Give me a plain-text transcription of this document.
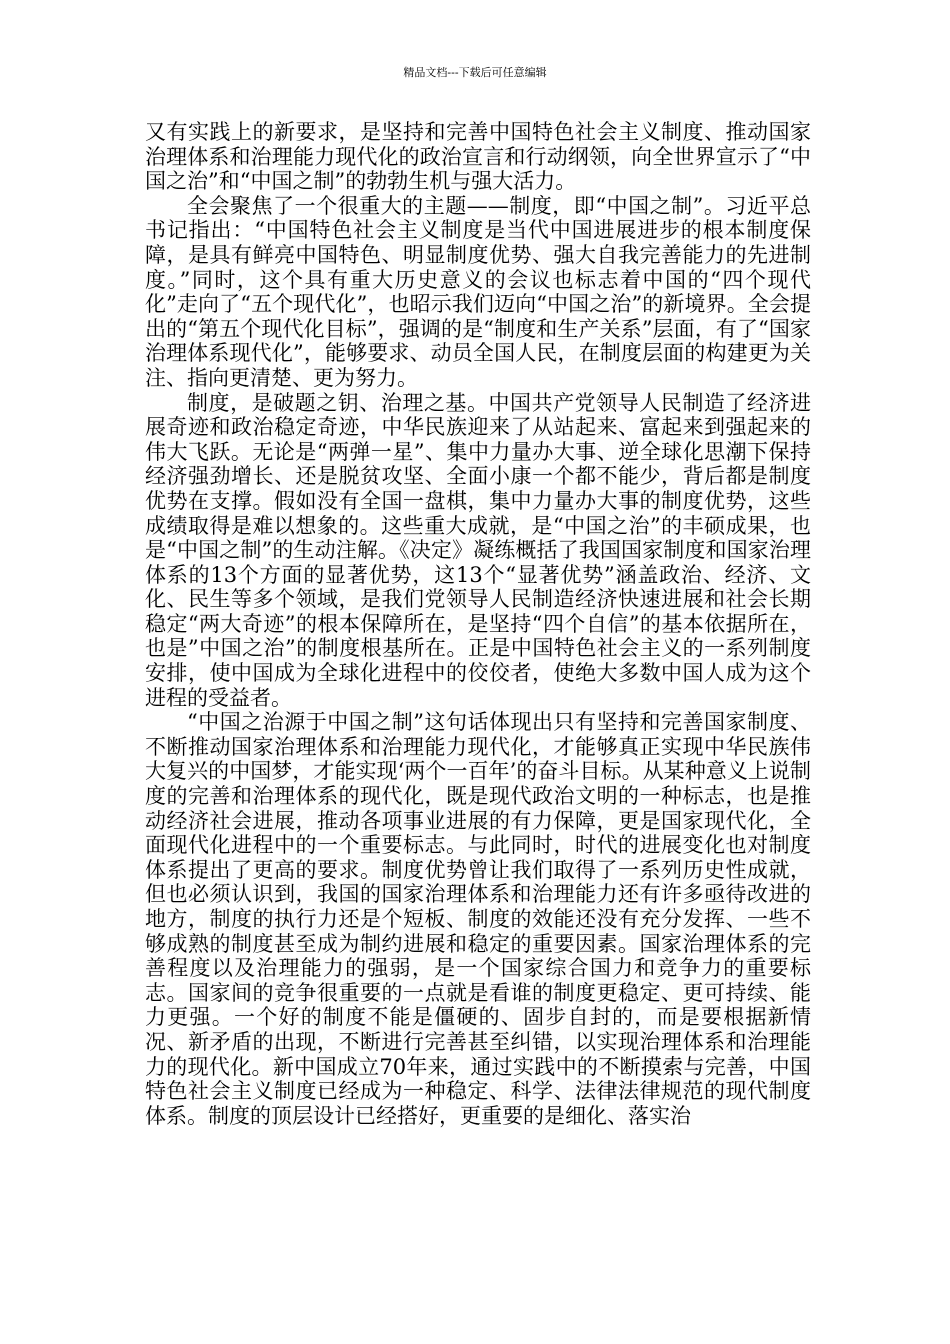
精品文档---下载后可任意编辑

又有实践上的新要求，是坚持和完善中国特色社会主义制度、推动国家治理体系和治理能力现代化的政治宣言和行动纲领，向全世界宣示了“中国之治”和“中国之制”的勃勃生机与强大活力。

全会聚焦了一个很重大的主题——制度，即“中国之制”。习近平总书记指出：“中国特色社会主义制度是当代中国进展进步的根本制度保障，是具有鲜亮中国特色、明显制度优势、强大自我完善能力的先进制度。”同时，这个具有重大历史意义的会议也标志着中国的“四个现代化”走向了“五个现代化”，也昭示我们迈向“中国之治”的新境界。全会提出的“第五个现代化目标”，强调的是“制度和生产关系”层面，有了“国家治理体系现代化”，能够要求、动员全国人民，在制度层面的构建更为关注、指向更清楚、更为努力。

制度，是破题之钥、治理之基。中国共产党领导人民制造了经济进展奇迹和政治稳定奇迹，中华民族迎来了从站起来、富起来到强起来的伟大飞跃。无论是“两弹一星”、集中力量办大事、逆全球化思潮下保持经济强劲增长、还是脱贫攻坚、全面小康一个都不能少，背后都是制度优势在支撑。假如没有全国一盘棋，集中力量办大事的制度优势，这些成绩取得是难以想象的。这些重大成就，是“中国之治”的丰硕成果，也是“中国之制”的生动注解。《决定》凝练概括了我国国家制度和国家治理体系的13个方面的显著优势，这13个“显著优势”涵盖政治、经济、文化、民生等多个领域，是我们党领导人民制造经济快速进展和社会长期稳定“两大奇迹”的根本保障所在，是坚持“四个自信”的基本依据所在，也是”中国之治”的制度根基所在。正是中国特色社会主义的一系列制度安排，使中国成为全球化进程中的佼佼者，使绝大多数中国人成为这个进程的受益者。

“中国之治源于中国之制”这句话体现出只有坚持和完善国家制度、不断推动国家治理体系和治理能力现代化，才能够真正实现中华民族伟大复兴的中国梦，才能实现‘两个一百年’的奋斗目标。从某种意义上说制度的完善和治理体系的现代化，既是现代政治文明的一种标志，也是推动经济社会进展，推动各项事业进展的有力保障，更是国家现代化，全面现代化进程中的一个重要标志。与此同时，时代的进展变化也对制度体系提出了更高的要求。制度优势曾让我们取得了一系列历史性成就，但也必须认识到，我国的国家治理体系和治理能力还有许多亟待改进的地方，制度的执行力还是个短板、制度的效能还没有充分发挥、一些不够成熟的制度甚至成为制约进展和稳定的重要因素。国家治理体系的完善程度以及治理能力的强弱，是一个国家综合国力和竞争力的重要标志。国家间的竞争很重要的一点就是看谁的制度更稳定、更可持续、能力更强。一个好的制度不能是僵硬的、固步自封的，而是要根据新情况、新矛盾的出现，不断进行完善甚至纠错，以实现治理体系和治理能力的现代化。新中国成立70年来，通过实践中的不断摸索与完善，中国特色社会主义制度已经成为一种稳定、科学、法律法律规范的现代制度体系。制度的顶层设计已经搭好，更重要的是细化、落实治
